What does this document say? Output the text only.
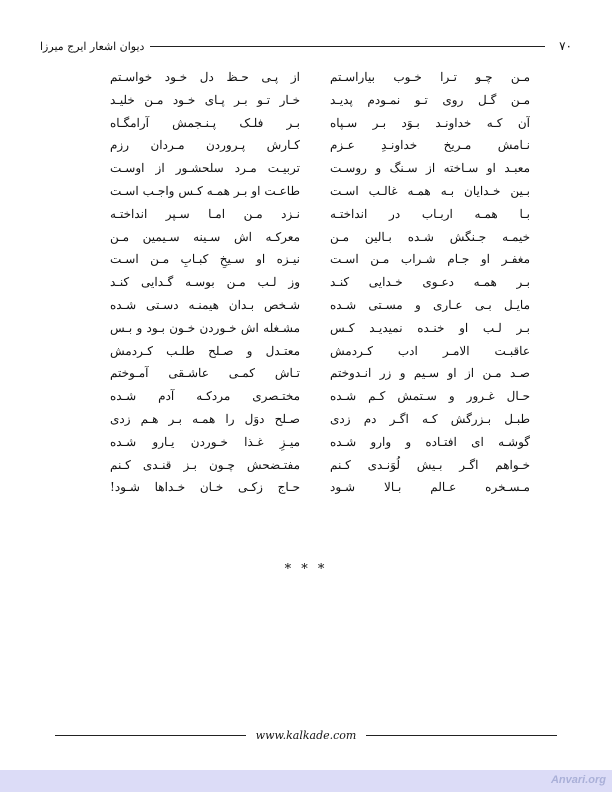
۷۰
دیوان اشعار ایرج میرزا
مـن چـو تـرا خـوب بیاراسـتم
از پـی حـظ دل خـود خواسـتم
مـن گـل روی تـو نمـودم پدیـد
خـار تـو بـر پـای خـود مـن خلیـد
آن کـه خداونـد بـوَد بـر سـپاه
بـر فلـک پـنـجمش آرامگـاه
نـامش مـریخ خداونـدِ عـزم
کـارش پـروردن مـردان رزم
معبـد او سـاخته از سـنگ و روسـت
تربیـت مـرد سلحشـور از اوسـت
بـین خـدایان بـه همـه غالـب اسـت
طاعـت او بـر همـه کـس واجـب اسـت
بـا همـه اربـاب در انداختـه
نـزد مـن امـا سـپر انداختـه
خیمـه جـنگش شـده بـالین مـن
معرکـه اش سـینه سـیمین مـن
مغفـر او جـام شـراب مـن اسـت
نیـزه او سـیخِ کبـابِ مـن اسـت
بـر همـه دعـوی خـدایی کنـد
وز لـب مـن بوسـه گـدایی کنـد
مایـل بـی عـاری و مسـتی شـده
شـخص بـدان هیمنـه دسـتی شـده
بـر لـب او خنـده نمیدیـد کـس
مشـغله اش خـوردن خـون بـود و بـس
عاقبـت الامـر ادب کـردمش
معتـدل و صـلح طلـب کـردمش
صـد مـن از او سـیم و زر انـدوختم
تـاش کمـی عاشـقی آمـوختم
حـال غـرور و سـتمش کـم شـده
مختـصری مردکـه آدم شـده
طبـل بـزرگش کـه اگـر دم زدی
صـلح دوَل را همـه بـر هـم زدی
گوشـه ای افتـاده و وارو شـده
میـزِ غـذا خـوردن یـارو شـده
خـواهم اگـر بـیش لُوَنـدی کـنم
مفتـضحش چـون بـز قنـدی کـنم
مـسـخره عـالم بـالا شـود
حـاج زکـی خـان خـداها شـود!
* * *
www.kalkade.com
Anvari.org
